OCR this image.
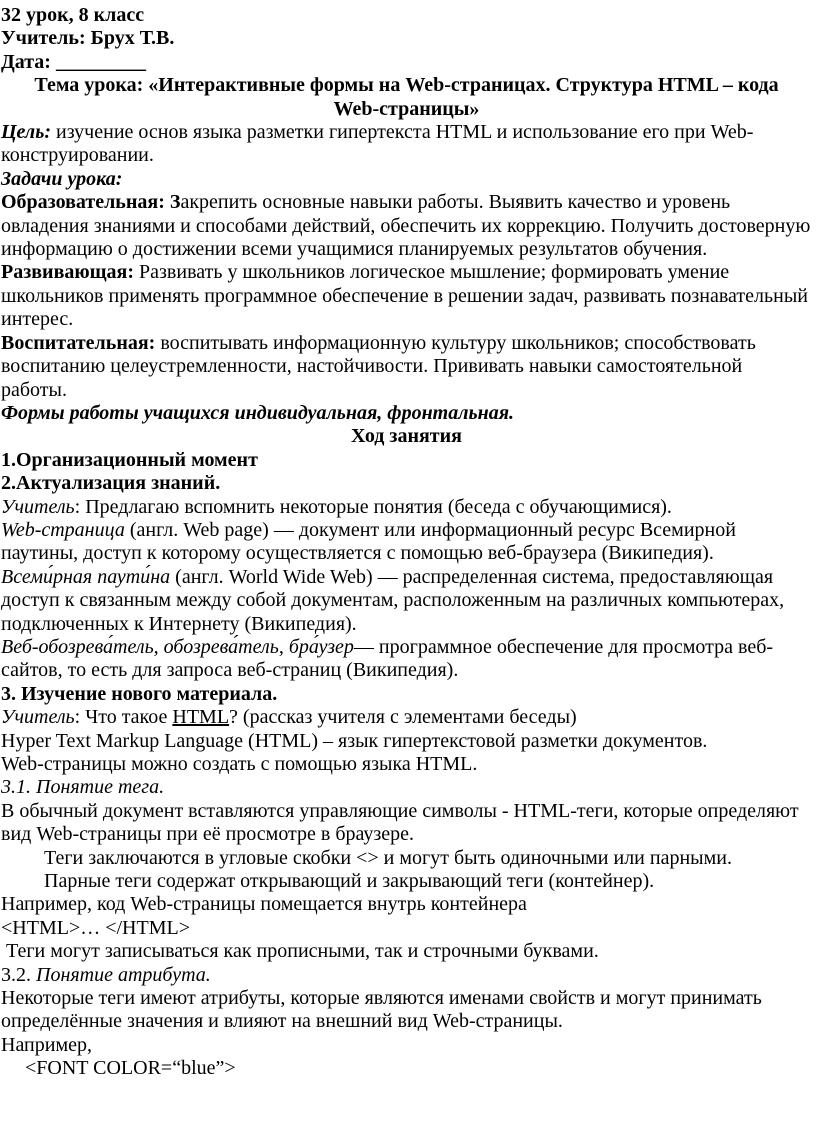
32 урок, 8 класс
Учитель: Брух Т.В.
Дата: _________
Тема урока: «Интерактивные формы на Web-страницах. Структура HTML – кода
Web-страницы»
Цель: изучение основ языка разметки гипертекста HTML и использование его при Web-конструировании.
Задачи урока:
Образовательная: Закрепить основные навыки работы. Выявить качество и уровень овладения знаниями и способами действий, обеспечить их коррекцию. Получить достоверную информацию о достижении всеми учащимися планируемых результатов обучения.
Развивающая: Развивать у школьников логическое мышление; формировать умение школьников применять программное обеспечение в решении задач, развивать познавательный интерес.
Воспитательная: воспитывать информационную культуру школьников; способствовать воспитанию целеустремленности, настойчивости. Прививать навыки самостоятельной работы.
Формы работы учащихся индивидуальная, фронтальная.
Ход занятия
1.Организационный момент
2.Актуализация знаний.
Учитель: Предлагаю вспомнить некоторые понятия (беседа с обучающимися).
Web-страница (англ. Web page) — документ или информационный ресурс Всемирной паутины, доступ к которому осуществляется с помощью веб-браузера (Википедия).
Всеми́рная паути́на (англ. World Wide Web) — распределенная система, предоставляющая доступ к связанным между собой документам, расположенным на различных компьютерах, подключенных к Интернету (Википедия).
Веб-обозрева́тель, обозрева́тель, бра́узер— программное обеспечение для просмотра веб-сайтов, то есть для запроса веб-страниц (Википедия).
3. Изучение нового материала.
Учитель: Что такое HTML? (рассказ учителя с элементами беседы)
Hyper Text Markup Language (HTML) – язык гипертекстовой разметки документов.
Web-страницы можно создать с помощью языка HTML.
3.1. Понятие тега.
В обычный документ вставляются управляющие символы - HTML-теги, которые определяют вид Web-страницы при её просмотре в браузере.
Теги заключаются в угловые скобки <> и могут быть одиночными или парными.
Парные теги содержат открывающий и закрывающий теги (контейнер).
Например, код Web-страницы помещается внутрь контейнера
<HTML>… </HTML>
Теги могут записываться как прописными, так и строчными буквами.
3.2. Понятие атрибута.
Некоторые теги имеют атрибуты, которые являются именами свойств и могут принимать определённые значения и влияют на внешний вид Web-страницы.
Например,
<FONT COLOR=“blue”>
